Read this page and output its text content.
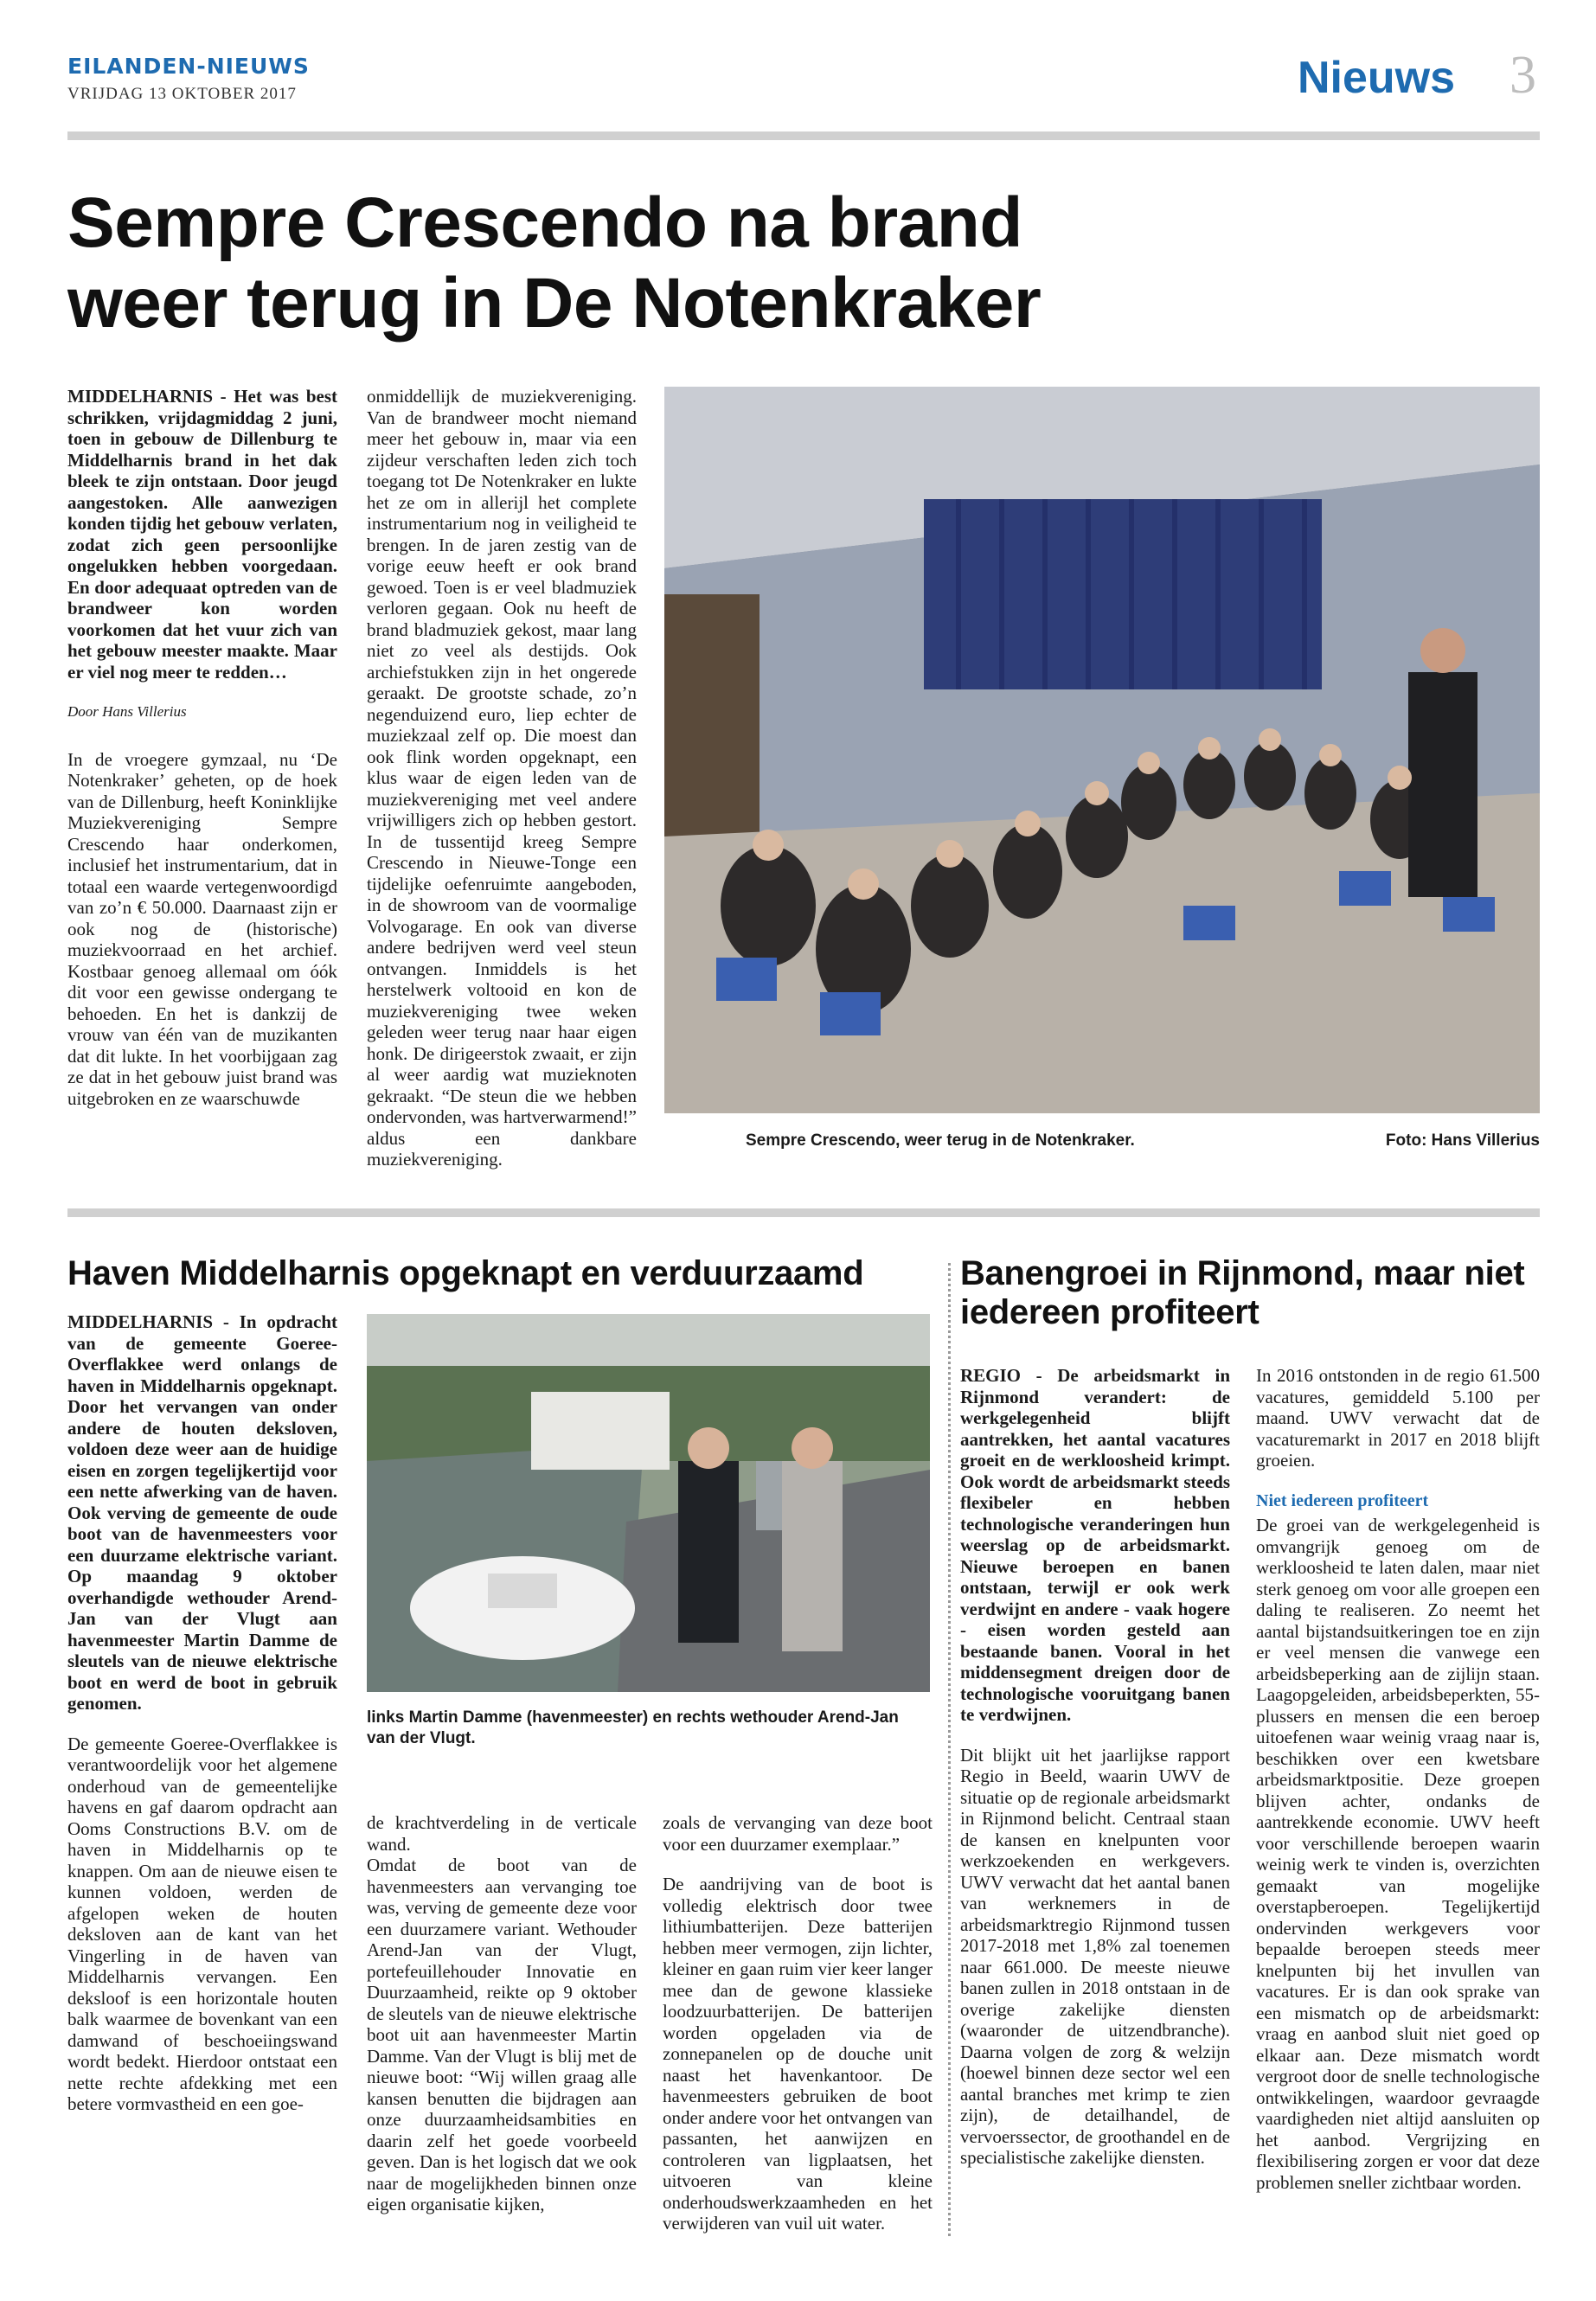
EILANDEN-NIEUWS
VRIJDAG 13 OKTOBER 2017	Nieuws 3
Sempre Crescendo na brand weer terug in De Notenkraker

MIDDELHARNIS - Het was best schrikken, vrijdagmiddag 2 juni, toen in gebouw de Dillenburg te Middelharnis brand in het dak bleek te zijn ontstaan. Door jeugd aangestoken. Alle aanwezigen konden tijdig het gebouw verlaten, zodat zich geen persoonlijke ongelukken hebben voorgedaan. En door adequaat optreden van de brandweer kon worden voorkomen dat het vuur zich van het gebouw meester maakte. Maar er viel nog meer te redden…

Door Hans Villerius

In de vroegere gymzaal, nu ‘De Notenkraker’ geheten, op de hoek van de Dillenburg, heeft Koninklijke Muziekvereniging Sempre Crescendo haar onderkomen, inclusief het instrumentarium, dat in totaal een waarde vertegenwoordigd van zo’n € 50.000. Daarnaast zijn er ook nog de (historische) muziekvoorraad en het archief. Kostbaar genoeg allemaal om óók dit voor een gewisse ondergang te behoeden. En het is dankzij de vrouw van één van de muzikanten dat dit lukte. In het voorbijgaan zag ze dat in het gebouw juist brand was uitgebroken en ze waarschuwde

onmiddellijk de muziekvereniging. Van de brandweer mocht niemand meer het gebouw in, maar via een zijdeur verschaften leden zich toch toegang tot De Notenkraker en lukte het ze om in allerijl het complete instrumentarium nog in veiligheid te brengen. In de jaren zestig van de vorige eeuw heeft er ook brand gewoed. Toen is er veel bladmuziek verloren gegaan. Ook nu heeft de brand bladmuziek gekost, maar lang niet zo veel als destijds. Ook archiefstukken zijn in het ongerede geraakt. De grootste schade, zo’n negenduizend euro, liep echter de muziekzaal zelf op. Die moest dan ook flink worden opgeknapt, een klus waar de eigen leden van de muziekvereniging met veel andere vrijwilligers zich op hebben gestort. In de tussentijd kreeg Sempre Crescendo in Nieuwe-Tonge een tijdelijke oefenruimte aangeboden, in de showroom van de voormalige Volvogarage. En ook van diverse andere bedrijven werd veel steun ontvangen. Inmiddels is het herstelwerk voltooid en kon de muziekvereniging twee weken geleden weer terug naar haar eigen honk. De dirigeerstok zwaait, er zijn al weer aardig wat muzieknoten gekraakt. “De steun die we hebben ondervonden, was hartverwarmend!” aldus een dankbare muziekvereniging.

Sempre Crescendo, weer terug in de Notenkraker.	Foto: Hans Villerius
Haven Middelharnis opgeknapt en verduurzaamd

MIDDELHARNIS - In opdracht van de gemeente Goeree-Overflakkee werd onlangs de haven in Middelharnis opgeknapt. Door het vervangen van onder andere de houten deksloven, voldoen deze weer aan de huidige eisen en zorgen tegelijkertijd voor een nette afwerking van de haven. Ook verving de gemeente de oude boot van de havenmeesters voor een duurzame elektrische variant. Op maandag 9 oktober overhandigde wethouder Arend-Jan van der Vlugt aan havenmeester Martin Damme de sleutels van de nieuwe elektrische boot en werd de boot in gebruik genomen.

De gemeente Goeree-Overflakkee is verantwoordelijk voor het algemene onderhoud van de gemeentelijke havens en gaf daarom opdracht aan Ooms Constructions B.V. om de haven in Middelharnis op te knappen. Om aan de nieuwe eisen te kunnen voldoen, werden de afgelopen weken de houten deksloven aan de kant van het Vingerling in de haven van Middelharnis vervangen. Een deksloof is een horizontale houten balk waarmee de bovenkant van een damwand of beschoeiingswand wordt bedekt. Hierdoor ontstaat een nette rechte afdekking met een betere vormvastheid en een goe-

links Martin Damme (havenmeester) en rechts wethouder Arend-Jan van der Vlugt.

de krachtverdeling in de verticale wand.

Omdat de boot van de havenmeesters aan vervanging toe was, verving de gemeente deze voor een duurzamere variant. Wethouder Arend-Jan van der Vlugt, portefeuillehouder Innovatie en Duurzaamheid, reikte op 9 oktober de sleutels van de nieuwe elektrische boot uit aan havenmeester Martin Damme. Van der Vlugt is blij met de nieuwe boot: “Wij willen graag alle kansen benutten die bijdragen aan onze duurzaamheidsambities en daarin zelf het goede voorbeeld geven. Dan is het logisch dat we ook naar de mogelijkheden binnen onze eigen organisatie kijken,

zoals de vervanging van deze boot voor een duurzamer exemplaar.”

De aandrijving van de boot is volledig elektrisch door twee lithiumbatterijen. Deze batterijen hebben meer vermogen, zijn lichter, kleiner en gaan ruim vier keer langer mee dan de gewone klassieke loodzuurbatterijen. De batterijen worden opgeladen via de zonnepanelen op de douche unit naast het havenkantoor. De havenmeesters gebruiken de boot onder andere voor het ontvangen van passanten, het aanwijzen en controleren van ligplaatsen, het uitvoeren van kleine onderhoudswerkzaamheden en het verwijderen van vuil uit water.

Banengroei in Rijnmond, maar niet iedereen profiteert

REGIO - De arbeidsmarkt in Rijnmond verandert: de werkgelegenheid blijft aantrekken, het aantal vacatures groeit en de werkloosheid krimpt. Ook wordt de arbeidsmarkt steeds flexibeler en hebben technologische veranderingen hun weerslag op de arbeidsmarkt. Nieuwe beroepen en banen ontstaan, terwijl er ook werk verdwijnt en andere - vaak hogere - eisen worden gesteld aan bestaande banen. Vooral in het middensegment dreigen door de technologische vooruitgang banen te verdwijnen.

Dit blijkt uit het jaarlijkse rapport Regio in Beeld, waarin UWV de situatie op de regionale arbeidsmarkt in Rijnmond belicht. Centraal staan de kansen en knelpunten voor werkzoekenden en werkgevers. UWV verwacht dat het aantal banen van werknemers in de arbeidsmarktregio Rijnmond tussen 2017-2018 met 1,8% zal toenemen naar 661.000. De meeste nieuwe banen zullen in 2018 ontstaan in de overige zakelijke diensten (waaronder de uitzendbranche). Daarna volgen de zorg & welzijn (hoewel binnen deze sector wel een aantal branches met krimp te zien zijn), de detailhandel, de vervoerssector, de groothandel en de specialistische zakelijke diensten.

In 2016 ontstonden in de regio 61.500 vacatures, gemiddeld 5.100 per maand. UWV verwacht dat de vacaturemarkt in 2017 en 2018 blijft groeien.

Niet iedereen profiteert

De groei van de werkgelegenheid is omvangrijk genoeg om de werkloosheid te laten dalen, maar niet sterk genoeg om voor alle groepen een daling te realiseren. Zo neemt het aantal bijstandsuitkeringen toe en zijn er veel mensen die vanwege een arbeidsbeperking aan de zijlijn staan. Laagopgeleiden, arbeidsbeperkten, 55-plussers en mensen die een beroep uitoefenen waar weinig vraag naar is, beschikken over een kwetsbare arbeidsmarktpositie. Deze groepen blijven achter, ondanks de aantrekkende economie. UWV heeft voor verschillende beroepen waarin weinig werk te vinden is, overzichten gemaakt van mogelijke overstapberoepen. Tegelijkertijd ondervinden werkgevers voor bepaalde beroepen steeds meer knelpunten bij het invullen van vacatures. Er is dan ook sprake van een mismatch op de arbeidsmarkt: vraag en aanbod sluit niet goed op elkaar aan. Deze mismatch wordt vergroot door de snelle technologische ontwikkelingen, waardoor gevraagde vaardigheden niet altijd aansluiten op het aanbod. Vergrijzing en flexibilisering zorgen er voor dat deze problemen sneller zichtbaar worden.
